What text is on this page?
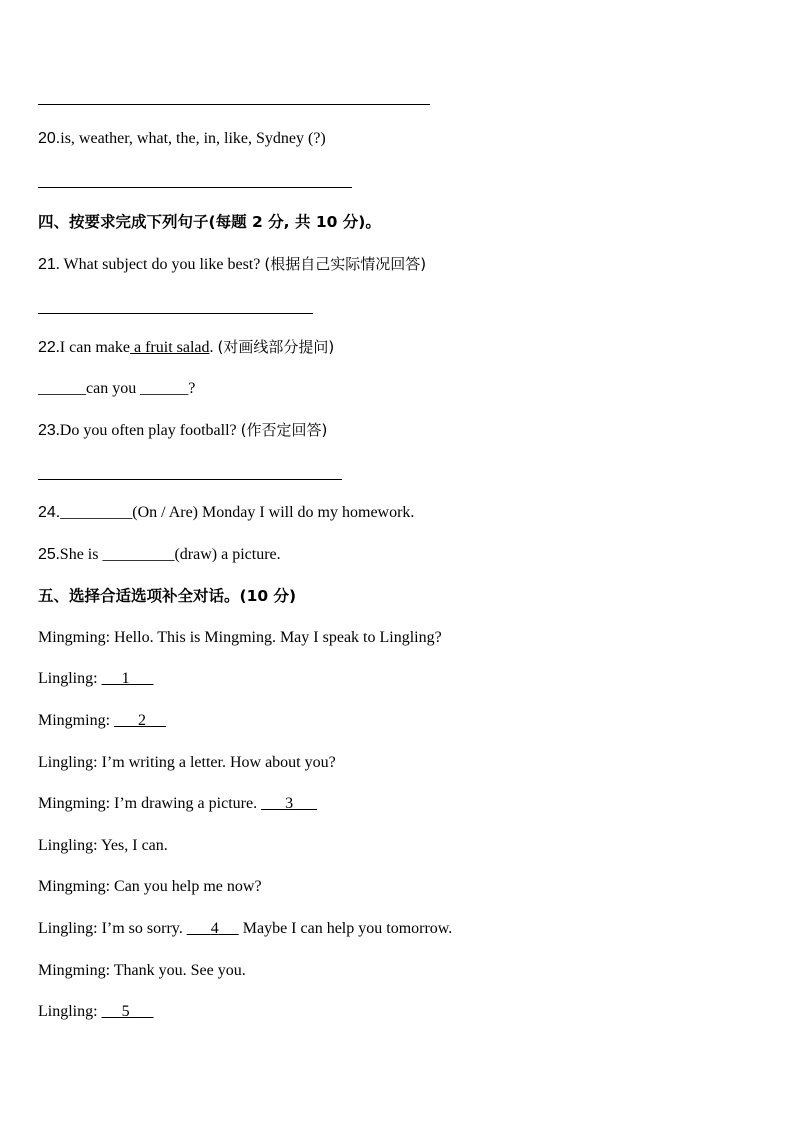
20.is, weather, what, the, in, like, Sydney (?)
四、按要求完成下列句子(每题 2 分, 共 10 分)。
21. What subject do you like best? (根据自己实际情况回答)
22.I can make a fruit salad. (对画线部分提问)
______can you ______?
23.Do you often play football? (作否定回答)
24._________(On / Are) Monday I will do my homework.
25.She is _________(draw) a picture.
五、选择合适选项补全对话。(10 分)
Mingming: Hello. This is Mingming. May I speak to Lingling?
Lingling: 1
Mingming: 2
Lingling: I’m writing a letter. How about you?
Mingming: I’m drawing a picture.       3
Lingling: Yes, I can.
Mingming: Can you help me now?
Lingling: I’m so sorry.       4      Maybe I can help you tomorrow.
Mingming: Thank you. See you.
Lingling: 5
